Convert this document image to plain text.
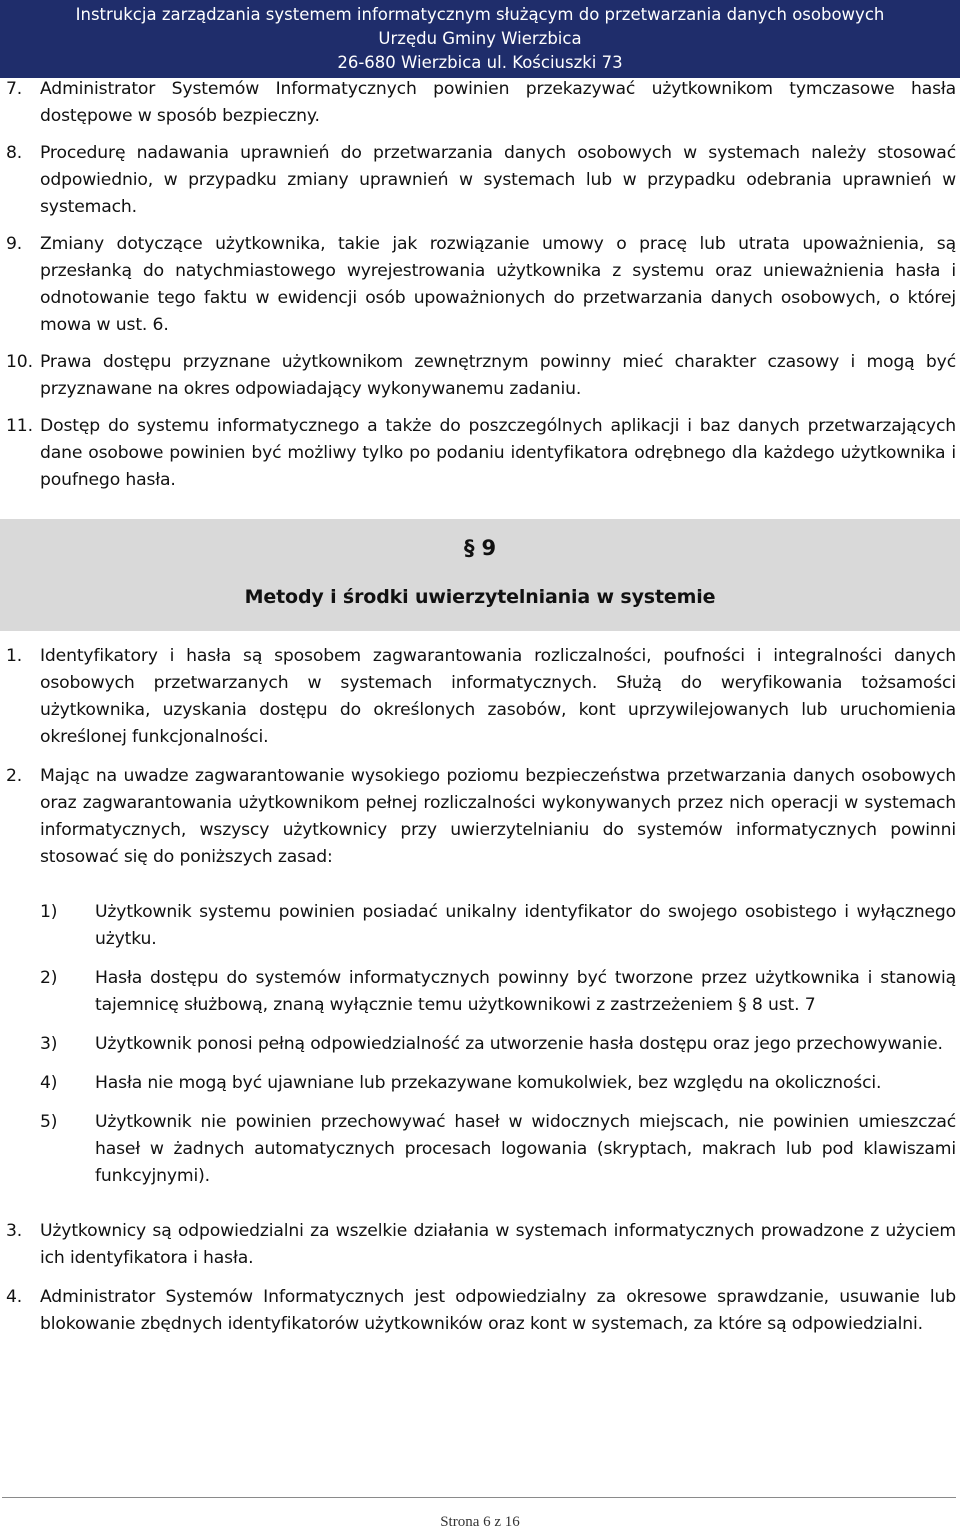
Instrukcja zarządzania systemem informatycznym służącym do przetwarzania danych osobowych
Urzędu Gminy Wierzbica
26-680 Wierzbica ul. Kościuszki 73
7. Administrator Systemów Informatycznych powinien przekazywać użytkownikom tymczasowe hasła dostępowe w sposób bezpieczny.
8. Procedurę nadawania uprawnień do przetwarzania danych osobowych w systemach należy stosować odpowiednio, w przypadku zmiany uprawnień w systemach lub w przypadku odebrania uprawnień w systemach.
9. Zmiany dotyczące użytkownika, takie jak rozwiązanie umowy o pracę lub utrata upoważnienia, są przesłanką do natychmiastowego wyrejestrowania użytkownika z systemu oraz unieważnienia hasła i odnotowanie tego faktu w ewidencji osób upoważnionych do przetwarzania danych osobowych, o której mowa w ust. 6.
10. Prawa dostępu przyznane użytkownikom zewnętrznym powinny mieć charakter czasowy i mogą być przyznawane na okres odpowiadający wykonywanemu zadaniu.
11. Dostęp do systemu informatycznego a także do poszczególnych aplikacji i baz danych przetwarzających dane osobowe powinien być możliwy tylko po podaniu identyfikatora odrębnego dla każdego użytkownika i poufnego hasła.
§ 9
Metody i środki uwierzytelniania w systemie
1. Identyfikatory i hasła są sposobem zagwarantowania rozliczalności, poufności i integralności danych osobowych przetwarzanych w systemach informatycznych. Służą do weryfikowania tożsamości użytkownika, uzyskania dostępu do określonych zasobów, kont uprzywilejowanych lub uruchomienia określonej funkcjonalności.
2. Mając na uwadze zagwarantowanie wysokiego poziomu bezpieczeństwa przetwarzania danych osobowych oraz zagwarantowania użytkownikom pełnej rozliczalności wykonywanych przez nich operacji w systemach informatycznych, wszyscy użytkownicy przy uwierzytelnianiu do systemów informatycznych powinni stosować się do poniższych zasad:
1) Użytkownik systemu powinien posiadać unikalny identyfikator do swojego osobistego i wyłącznego użytku.
2) Hasła dostępu do systemów informatycznych powinny być tworzone przez użytkownika i stanowią tajemnicę służbową, znaną wyłącznie temu użytkownikowi z zastrzeżeniem § 8 ust. 7
3) Użytkownik ponosi pełną odpowiedzialność za utworzenie hasła dostępu oraz jego przechowywanie.
4) Hasła nie mogą być ujawniane lub przekazywane komukolwiek, bez względu na okoliczności.
5) Użytkownik nie powinien przechowywać haseł w widocznych miejscach, nie powinien umieszczać haseł w żadnych automatycznych procesach logowania (skryptach, makrach lub pod klawiszami funkcyjnymi).
3. Użytkownicy są odpowiedzialni za wszelkie działania w systemach informatycznych prowadzone z użyciem ich identyfikatora i hasła.
4. Administrator Systemów Informatycznych jest odpowiedzialny za okresowe sprawdzanie, usuwanie lub blokowanie zbędnych identyfikatorów użytkowników oraz kont w systemach, za które są odpowiedzialni.
Strona 6 z 16
